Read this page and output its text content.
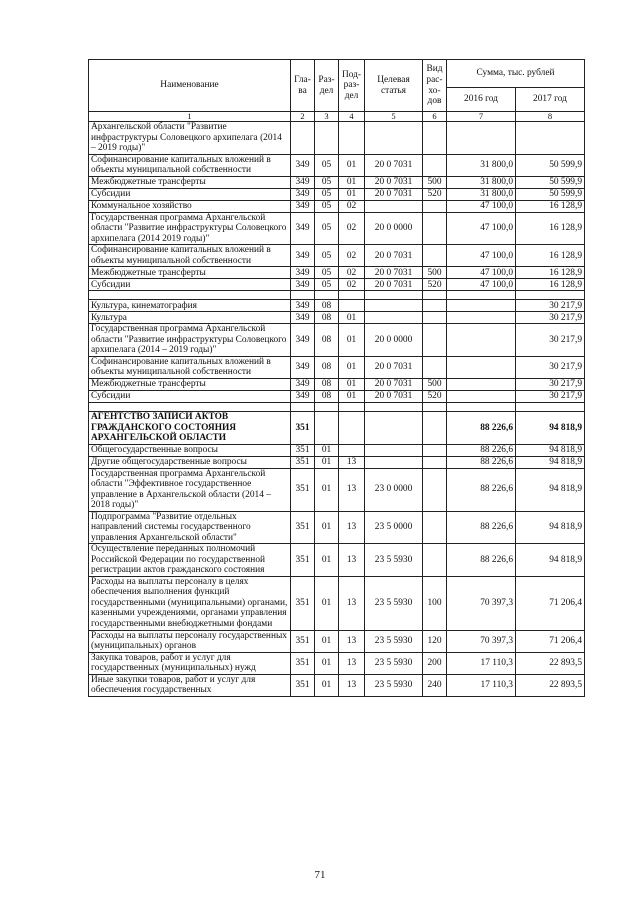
Наименование	Гла-ва	Раз-дел	Под-раз-дел	Целевая статья	Вид рас-хо-дов	Сумма, тыс. рублей	
						2016 год	2017 год
1	2	3	4	5	6	7	8
Архангельской области "Развитие инфраструктуры Соловецкого архипелага (2014 – 2019 годы)"							
Софинансирование капитальных вложений в объекты муниципальной собственности	349	05	01	20 0 7031		31 800,0	50 599,9
Межбюджетные трансферты	349	05	01	20 0 7031	500	31 800,0	50 599,9
Субсидии	349	05	01	20 0 7031	520	31 800,0	50 599,9
Коммунальное хозяйство	349	05	02			47 100,0	16 128,9
Государственная программа Архангельской области "Развитие инфраструктуры Соловецкого архипелага (2014 2019 годы)"	349	05	02	20 0 0000		47 100,0	16 128,9
Софинансирование капитальных вложений в объекты муниципальной собственности	349	05	02	20 0 7031		47 100,0	16 128,9
Межбюджетные трансферты	349	05	02	20 0 7031	500	47 100,0	16 128,9
Субсидии	349	05	02	20 0 7031	520	47 100,0	16 128,9

Культура, кинематография	349	08					30 217,9
Культура	349	08	01				30 217,9
Государственная программа Архангельской области "Развитие инфраструктуры Соловецкого архипелага (2014 – 2019 годы)"	349	08	01	20 0 0000			30 217,9
Софинансирование капитальных вложений в объекты муниципальной собственности	349	08	01	20 0 7031			30 217,9
Межбюджетные трансферты	349	08	01	20 0 7031	500		30 217,9
Субсидии	349	08	01	20 0 7031	520		30 217,9

АГЕНТСТВО ЗАПИСИ АКТОВ ГРАЖДАНСКОГО СОСТОЯНИЯ АРХАНГЕЛЬСКОЙ ОБЛАСТИ	351					88 226,6	94 818,9
Общегосударственные вопросы	351	01				88 226,6	94 818,9
Другие общегосударственные вопросы	351	01	13			88 226,6	94 818,9
Государственная программа Архангельской области "Эффективное государственное управление в Архангельской области (2014 – 2018 годы)"	351	01	13	23 0 0000		88 226,6	94 818,9
Подпрограмма "Развитие отдельных направлений системы государственного управления Архангельской области"	351	01	13	23 5 0000		88 226,6	94 818,9
Осуществление переданных полномочий Российской Федерации по государственной регистрации актов гражданского состояния	351	01	13	23 5 5930		88 226,6	94 818,9
Расходы на выплаты персоналу в целях обеспечения выполнения функций государственными (муниципальными) органами, казенными учреждениями, органами управления государственными внебюджетными фондами	351	01	13	23 5 5930	100	70 397,3	71 206,4
Расходы на выплаты персоналу государственных (муниципальных) органов	351	01	13	23 5 5930	120	70 397,3	71 206,4
Закупка товаров, работ и услуг для государственных (муниципальных) нужд	351	01	13	23 5 5930	200	17 110,3	22 893,5
Иные закупки товаров, работ и услуг для обеспечения государственных	351	01	13	23 5 5930	240	17 110,3	22 893,5
71
